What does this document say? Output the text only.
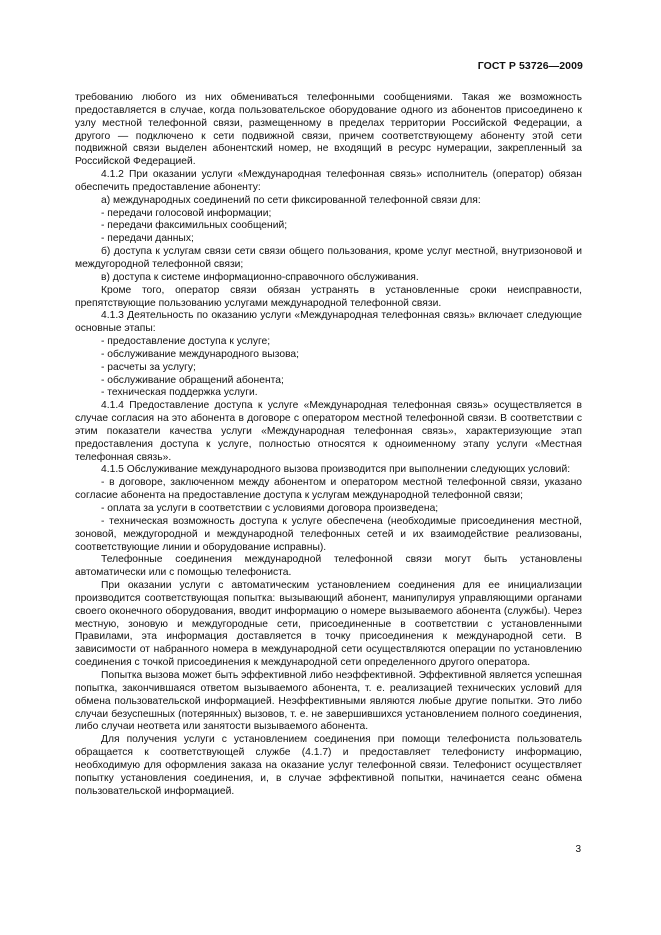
ГОСТ Р 53726—2009

требованию любого из них обмениваться телефонными сообщениями. Такая же возможность предоставляется в случае, когда пользовательское оборудование одного из абонентов присоединено к узлу местной телефонной связи, размещенному в пределах территории Российской Федерации, а другого — подключено к сети подвижной связи, причем соответствующему абоненту этой сети подвижной связи выделен абонентский номер, не входящий в ресурс нумерации, закрепленный за Российской Федерацией.

4.1.2 При оказании услуги «Международная телефонная связь» исполнитель (оператор) обязан обеспечить предоставление абоненту:

а) международных соединений по сети фиксированной телефонной связи для:

- передачи голосовой информации;

- передачи факсимильных сообщений;

- передачи данных;

б) доступа к услугам связи сети связи общего пользования, кроме услуг местной, внутризоновой и междугородной телефонной связи;

в) доступа к системе информационно-справочного обслуживания.

Кроме того, оператор связи обязан устранять в установленные сроки неисправности, препятствующие пользованию услугами международной телефонной связи.

4.1.3 Деятельность по оказанию услуги «Международная телефонная связь» включает следующие основные этапы:

- предоставление доступа к услуге;

- обслуживание международного вызова;

- расчеты за услугу;

- обслуживание обращений абонента;

- техническая поддержка услуги.

4.1.4 Предоставление доступа к услуге «Международная телефонная связь» осуществляется в случае согласия на это абонента в договоре с оператором местной телефонной связи. В соответствии с этим показатели качества услуги «Международная телефонная связь», характеризующие этап предоставления доступа к услуге, полностью относятся к одноименному этапу услуги «Местная телефонная связь».

4.1.5 Обслуживание международного вызова производится при выполнении следующих условий:

- в договоре, заключенном между абонентом и оператором местной телефонной связи, указано согласие абонента на предоставление доступа к услугам международной телефонной связи;

- оплата за услуги в соответствии с условиями договора произведена;

- техническая возможность доступа к услуге обеспечена (необходимые присоединения местной, зоновой, междугородной и международной телефонных сетей и их взаимодействие реализованы, соответствующие линии и оборудование исправны).

Телефонные соединения международной телефонной связи могут быть установлены автоматически или с помощью телефониста.

При оказании услуги с автоматическим установлением соединения для ее инициализации производится соответствующая попытка: вызывающий абонент, манипулируя управляющими органами своего оконечного оборудования, вводит информацию о номере вызываемого абонента (службы). Через местную, зоновую и междугородные сети, присоединенные в соответствии с установленными Правилами, эта информация доставляется в точку присоединения к международной сети. В зависимости от набранного номера в международной сети осуществляются операции по установлению соединения с точкой присоединения к международной сети определенного другого оператора.

Попытка вызова может быть эффективной либо неэффективной. Эффективной является успешная попытка, закончившаяся ответом вызываемого абонента, т. е. реализацией технических условий для обмена пользовательской информацией. Неэффективными являются любые другие попытки. Это либо случаи безуспешных (потерянных) вызовов, т. е. не завершившихся установлением полного соединения, либо случаи неответа или занятости вызываемого абонента.

Для получения услуги с установлением соединения при помощи телефониста пользователь обращается к соответствующей службе (4.1.7) и предоставляет телефонисту информацию, необходимую для оформления заказа на оказание услуг телефонной связи. Телефонист осуществляет попытку установления соединения, и, в случае эффективной попытки, начинается сеанс обмена пользовательской информацией.

3
